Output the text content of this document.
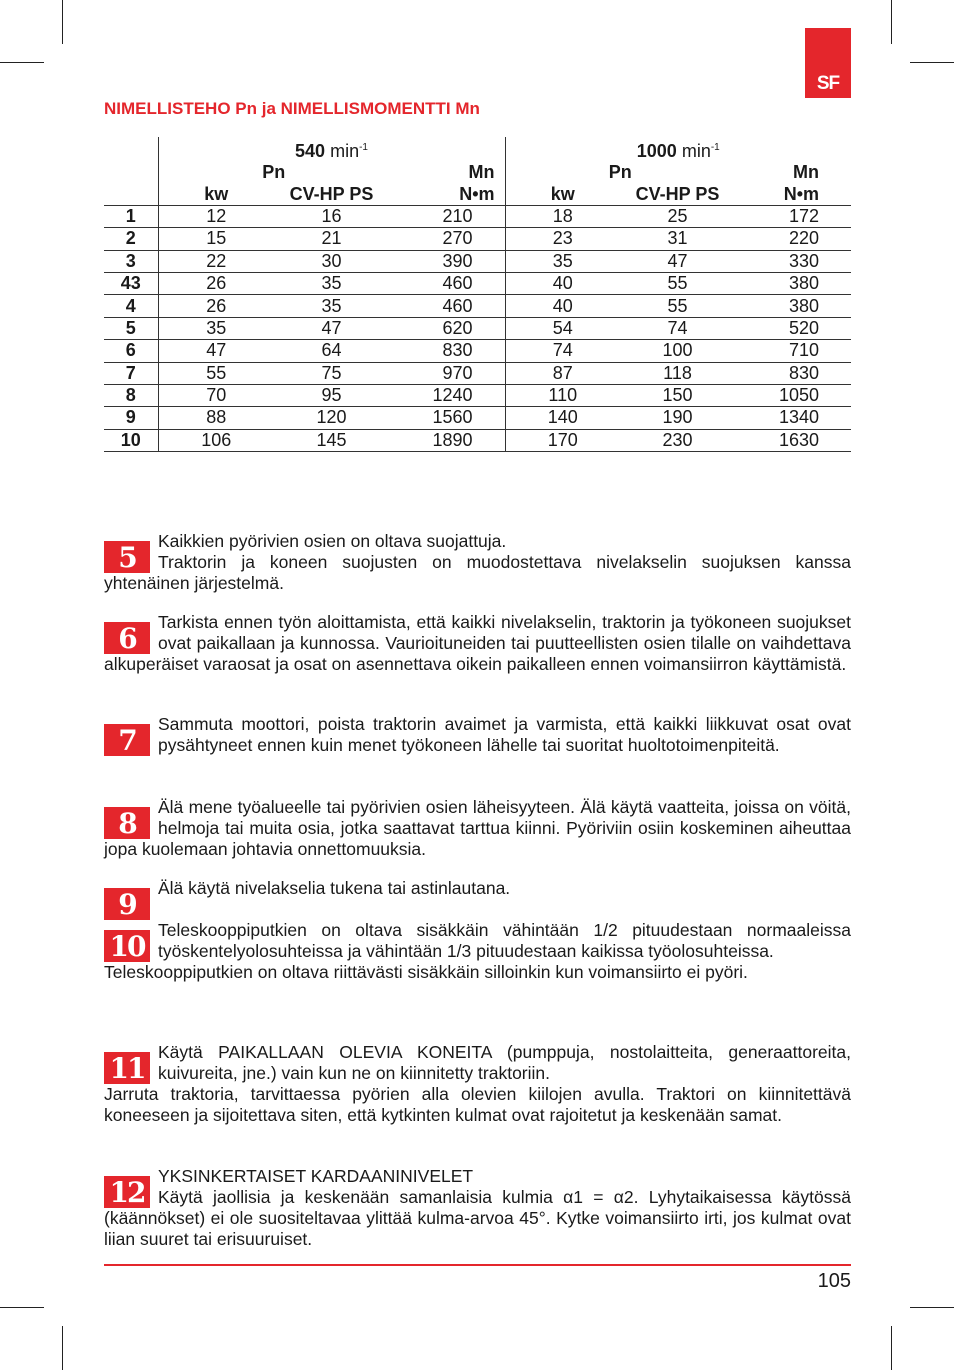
SF
NIMELLISTEHO Pn ja NIMELLISMOMENTTI Mn
	540 $\min^{-1}$			1000 $\min^{-1}$
	Pn		Mn	Pn		Mn
	kw	CV-HP PS	N•m	kw	CV-HP PS	N•m
1	12	16	210	18	25	172
2	15	21	270	23	31	220
3	22	30	390	35	47	330
43	26	35	460	40	55	380
4	26	35	460	40	55	380
5	35	47	620	54	74	520
6	47	64	830	74	100	710
7	55	75	970	87	118	830
8	70	95	1240	110	150	1050
9	88	120	1560	140	190	1340
10	106	145	1890	170	230	1630
5	Kaikkien pyörivien osien on oltava suojattuja.

Traktorin ja koneen suojusten on muodostettava nivelakselin suojuksen kanssa yhtenäinen järjestelmä.

6	Tarkista ennen työn aloittamista, että kaikki nivelakselin, traktorin ja työkoneen suojukset ovat paikallaan ja kunnossa. Vaurioituneiden tai puutteellisten osien tilalle on vaihdettava alkuperäiset varaosat ja osat on asennettava oikein paikalleen ennen voimansiirron käyttämistä.

7	Sammuta moottori, poista traktorin avaimet ja varmista, että kaikki liikkuvat osat ovat pysähtyneet ennen kuin menet työkoneen lähelle tai suoritat huoltotoimenpiteitä.

8	Älä mene työalueelle tai pyörivien osien läheisyyteen. Älä käytä vaatteita, joissa on vöitä, helmoja tai muita osia, jotka saattavat tarttua kiinni. Pyöriviin osiin koskeminen aiheuttaa jopa kuolemaan johtavia onnettomuuksia.

9	Älä käytä nivelakselia tukena tai astinlautana.

10 Teleskooppiputkien on oltava sisäkkäin vähintään 1/2 pituudestaan normaaleissa työskentelyolosuhteissa ja vähintään 1/3 pituudestaan kaikissa työolosuhteissa.

Teleskooppiputkien on oltava riittävästi sisäkkäin silloinkin kun voimansiirto ei pyöri.

11 Käytä PAIKALLAAN OLEVIA KONEITA (pumppuja, nostolaitteita, generaattoreita, kuivureita, jne.) vain kun ne on kiinnitetty traktoriin.

Jarruta traktoria, tarvittaessa pyörien alla olevien kiilojen avulla. Traktori on kiinnitettävä koneeseen ja sijoitettava siten, että kytkinten kulmat ovat rajoitetut ja keskenään samat.

12 YKSINKERTAISET KARDAANINIVELET

Käytä jaollisia ja keskenään samanlaisia kulmia α1 = α2. Lyhytaikaisessa käytössä (käännökset) ei ole suositeltavaa ylittää kulma-arvoa 45°. Kytke voimansiirto irti, jos kulmat ovat liian suuret tai erisuuruiset.

105
